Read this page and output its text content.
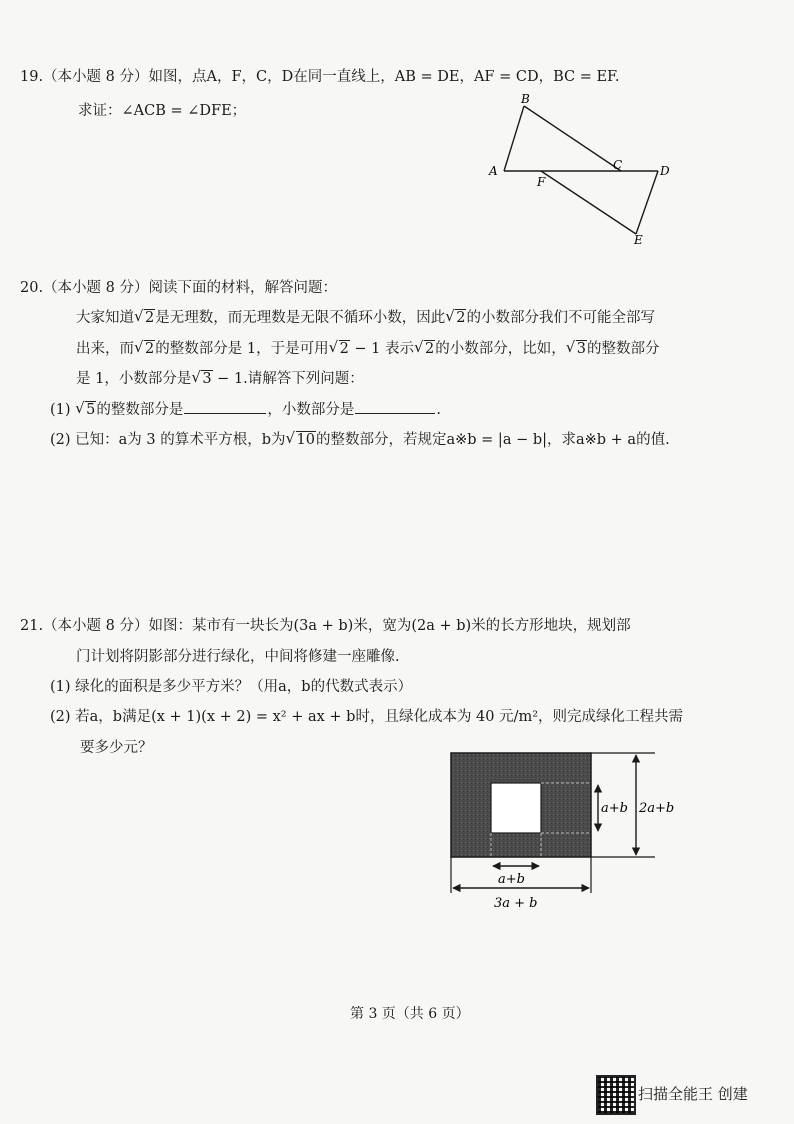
19.（本小题 8 分）如图，点A，F，C，D在同一直线上，AB = DE，AF = CD，BC = EF.
求证：∠ACB = ∠DFE；
B
A	C	D
F
E
20.（本小题 8 分）阅读下面的材料，解答问题：
大家知道 √ 2是无理数，而无理数是无限不循环小数，因此 √ 2的小数部分我们不可能全部写
出来，而 √ 2的整数部分是 1，于是可用 √ 2 − 1 表示 √ 2的小数部分，比如， √ 3的整数部分
是 1，小数部分是 √ 3 − 1.请解答下列问题：
(1) √ 5的整数部分是	，小数部分是	.
(2) 已知：a为 3 的算术平方根，b为 √ 10的整数部分，若规定a※b = |a − b|，求a※b + a的值.
21.（本小题 8 分）如图：某市有一块长为(3a + b)米，宽为(2a + b)米的长方形地块，规划部
门计划将阴影部分进行绿化，中间将修建一座雕像.
(1) 绿化的面积是多少平方米？（用a，b的代数式表示）
(2) 若a，b满足(x + 1)(x + 2) = x² + ax + b时，且绿化成本为 40 元/m²，则完成绿化工程共需
要多少元？
a+b 2a+b
a+b
3a + b
第 3 页（共 6 页）
扫描全能王 创建
